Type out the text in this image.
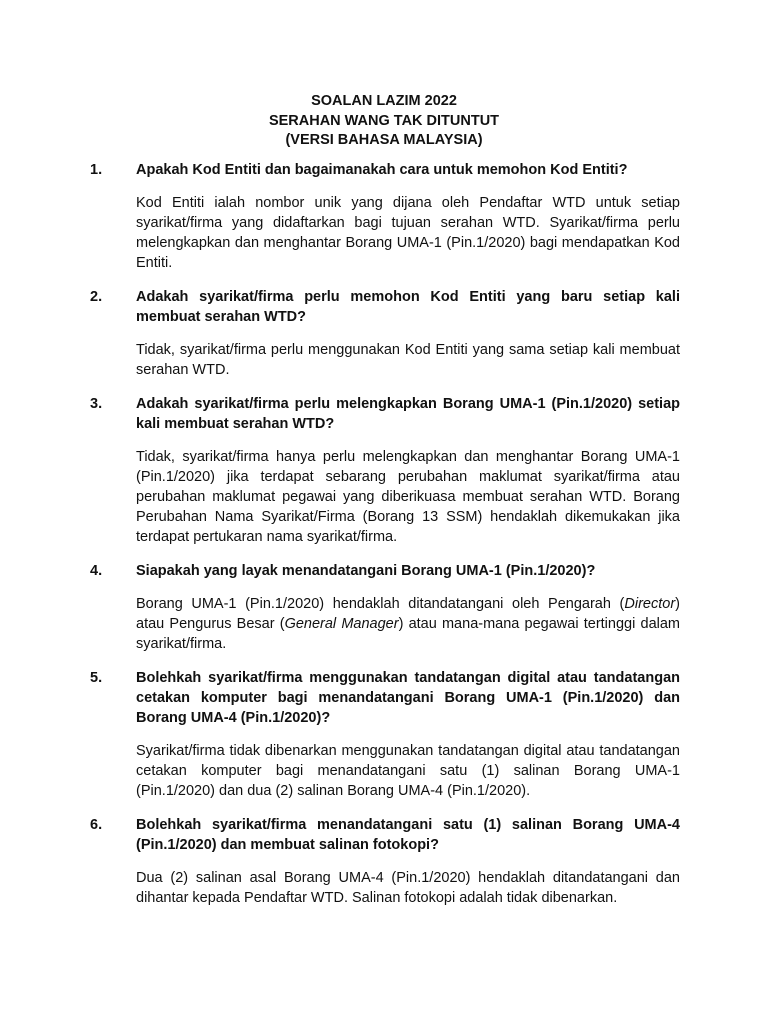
SOALAN LAZIM 2022
SERAHAN WANG TAK DITUNTUT
(VERSI BAHASA MALAYSIA)
1.	Apakah Kod Entiti dan bagaimanakah cara untuk memohon Kod Entiti?

Kod Entiti ialah nombor unik yang dijana oleh Pendaftar WTD untuk setiap syarikat/firma yang didaftarkan bagi tujuan serahan WTD. Syarikat/firma perlu melengkapkan dan menghantar Borang UMA-1 (Pin.1/2020) bagi mendapatkan Kod Entiti.

2.	Adakah syarikat/firma perlu memohon Kod Entiti yang baru setiap kali membuat serahan WTD?

Tidak, syarikat/firma perlu menggunakan Kod Entiti yang sama setiap kali membuat serahan WTD.

3.	Adakah syarikat/firma perlu melengkapkan Borang UMA-1 (Pin.1/2020) setiap kali membuat serahan WTD?

Tidak, syarikat/firma hanya perlu melengkapkan dan menghantar Borang UMA-1 (Pin.1/2020) jika terdapat sebarang perubahan maklumat syarikat/firma atau perubahan maklumat pegawai yang diberikuasa membuat serahan WTD. Borang Perubahan Nama Syarikat/Firma (Borang 13 SSM) hendaklah dikemukakan jika terdapat pertukaran nama syarikat/firma.

4.	Siapakah yang layak menandatangani Borang UMA-1 (Pin.1/2020)?

Borang UMA-1 (Pin.1/2020) hendaklah ditandatangani oleh Pengarah (Director) atau Pengurus Besar (General Manager) atau mana-mana pegawai tertinggi dalam syarikat/firma.

5.	Bolehkah syarikat/firma menggunakan tandatangan digital atau tandatangan cetakan komputer bagi menandatangani Borang UMA-1 (Pin.1/2020) dan Borang UMA-4 (Pin.1/2020)?

Syarikat/firma tidak dibenarkan menggunakan tandatangan digital atau tandatangan cetakan komputer bagi menandatangani satu (1) salinan Borang UMA-1 (Pin.1/2020) dan dua (2) salinan Borang UMA-4 (Pin.1/2020).

6.	Bolehkah syarikat/firma menandatangani satu (1) salinan Borang UMA-4 (Pin.1/2020) dan membuat salinan fotokopi?

Dua (2) salinan asal Borang UMA-4 (Pin.1/2020) hendaklah ditandatangani dan dihantar kepada Pendaftar WTD. Salinan fotokopi adalah tidak dibenarkan.
